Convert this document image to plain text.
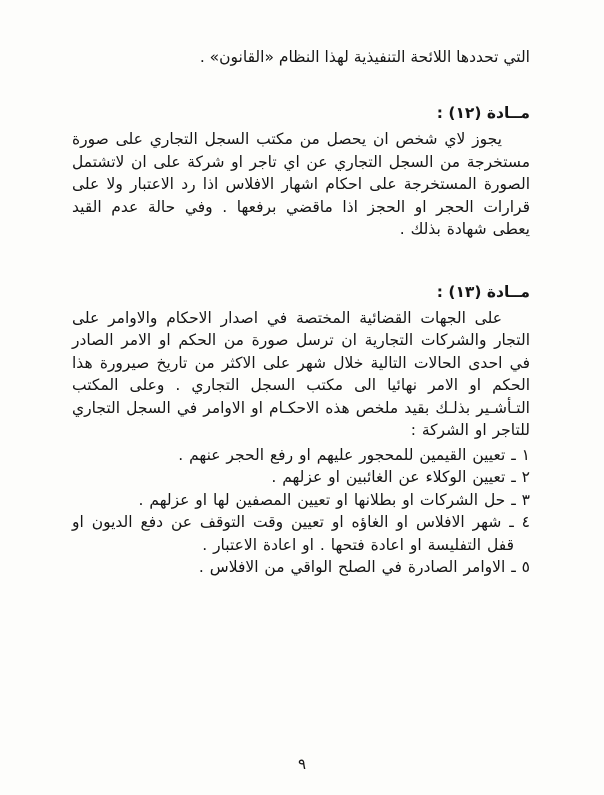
التي تحددها اللائحة التنفيذية لهذا النظام «القانون» .

مــادة (١٢) :

يجوز لاي شخص ان يحصل من مكتب السجل التجاري على صورة مستخرجة من السجل التجاري عن اي تاجر او شركة على ان لاتشتمل الصورة المستخرجة على احكام اشهار الافلاس اذا رد الاعتبار ولا على قرارات الحجر او الحجز اذا ماقضي برفعها . وفي حالة عدم القيد يعطى شهادة بذلك .

مــادة (١٣) :

على الجهات القضائية المختصة في اصدار الاحكام والاوامر على التجار والشركات التجارية ان ترسل صورة من الحكم او الامر الصادر في احدى الحالات التالية خلال شهر على الاكثر من تاريخ صيرورة هذا الحكم او الامر نهائيا الى مكتب السجل التجاري . وعلى المكتب التـأشـير بذلـك بقيد ملخص هذه الاحكـام او الاوامر في السجل التجاري للتاجر او الشركة :

١ ـ تعيين القيمين للمحجور عليهم او رفع الحجر عنهم .
٢ ـ تعيين الوكلاء عن الغائبين او عزلهم .
٣ ـ حل الشركات او بطلانها او تعيين المصفين لها او عزلهم .
٤ ـ شهر الافلاس او الغاؤه او تعيين وقت التوقف عن دفع الديون او قفل التفليسة او اعادة فتحها . او اعادة الاعتبار .
٥ ـ الاوامر الصادرة في الصلح الواقي من الافلاس .
٩
